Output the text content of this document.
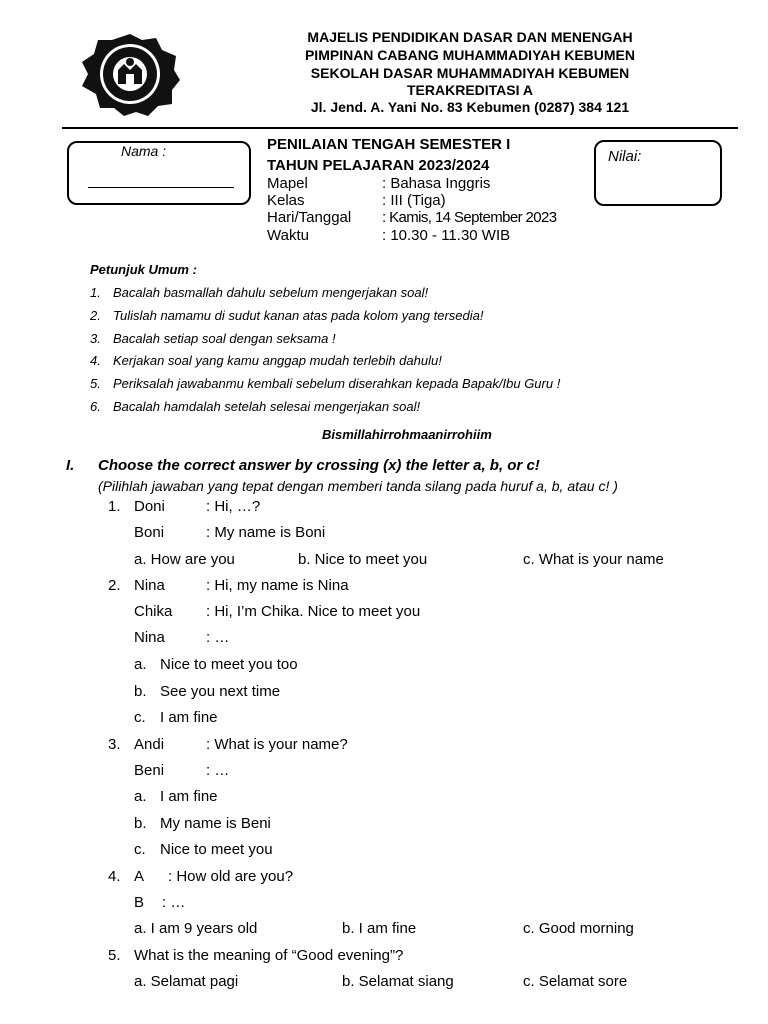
MAJELIS PENDIDIKAN DASAR DAN MENENGAH
PIMPINAN CABANG MUHAMMADIYAH KEBUMEN
SEKOLAH DASAR MUHAMMADIYAH KEBUMEN
TERAKREDITASI A
Jl. Jend. A. Yani No. 83 Kebumen (0287) 384 121
Nama :	Nilai:
PENILAIAN TENGAH SEMESTER I
TAHUN PELAJARAN 2023/2024
Mapel	: Bahasa Inggris
Kelas	: III (Tiga)
Hari/Tanggal : Kamis, 14 September 2023
Waktu	: 10.30 - 11.30 WIB
Petunjuk Umum :
1. Bacalah basmallah dahulu sebelum mengerjakan soal!
2. Tulislah namamu di sudut kanan atas pada kolom yang tersedia!
3. Bacalah setiap soal dengan seksama !
4. Kerjakan soal yang kamu anggap mudah terlebih dahulu!
5. Periksalah jawabanmu kembali sebelum diserahkan kepada Bapak/Ibu Guru !
6. Bacalah hamdalah setelah selesai mengerjakan soal!
Bismillahirrohmaanirrohiim
I. Choose the correct answer by crossing (x) the letter a, b, or c!
(Pilihlah jawaban yang tepat dengan memberi tanda silang pada huruf a, b, atau c! )
1. Doni	: Hi, …?
Boni	: My name is Boni
a. How are you	b. Nice to meet you	c. What is your name
2. Nina	: Hi, my name is Nina
Chika : Hi, I’m Chika. Nice to meet you
Nina	: …
a. Nice to meet you too
b. See you next time
c. I am fine
3. Andi	: What is your name?
Beni	: …
a. I am fine
b. My name is Beni
c. Nice to meet you
4. A : How old are you?
B : …
a. I am 9 years old	b. I am fine	c. Good morning
5. What is the meaning of “Good evening”?
a. Selamat pagi	b. Selamat siang	c. Selamat sore
